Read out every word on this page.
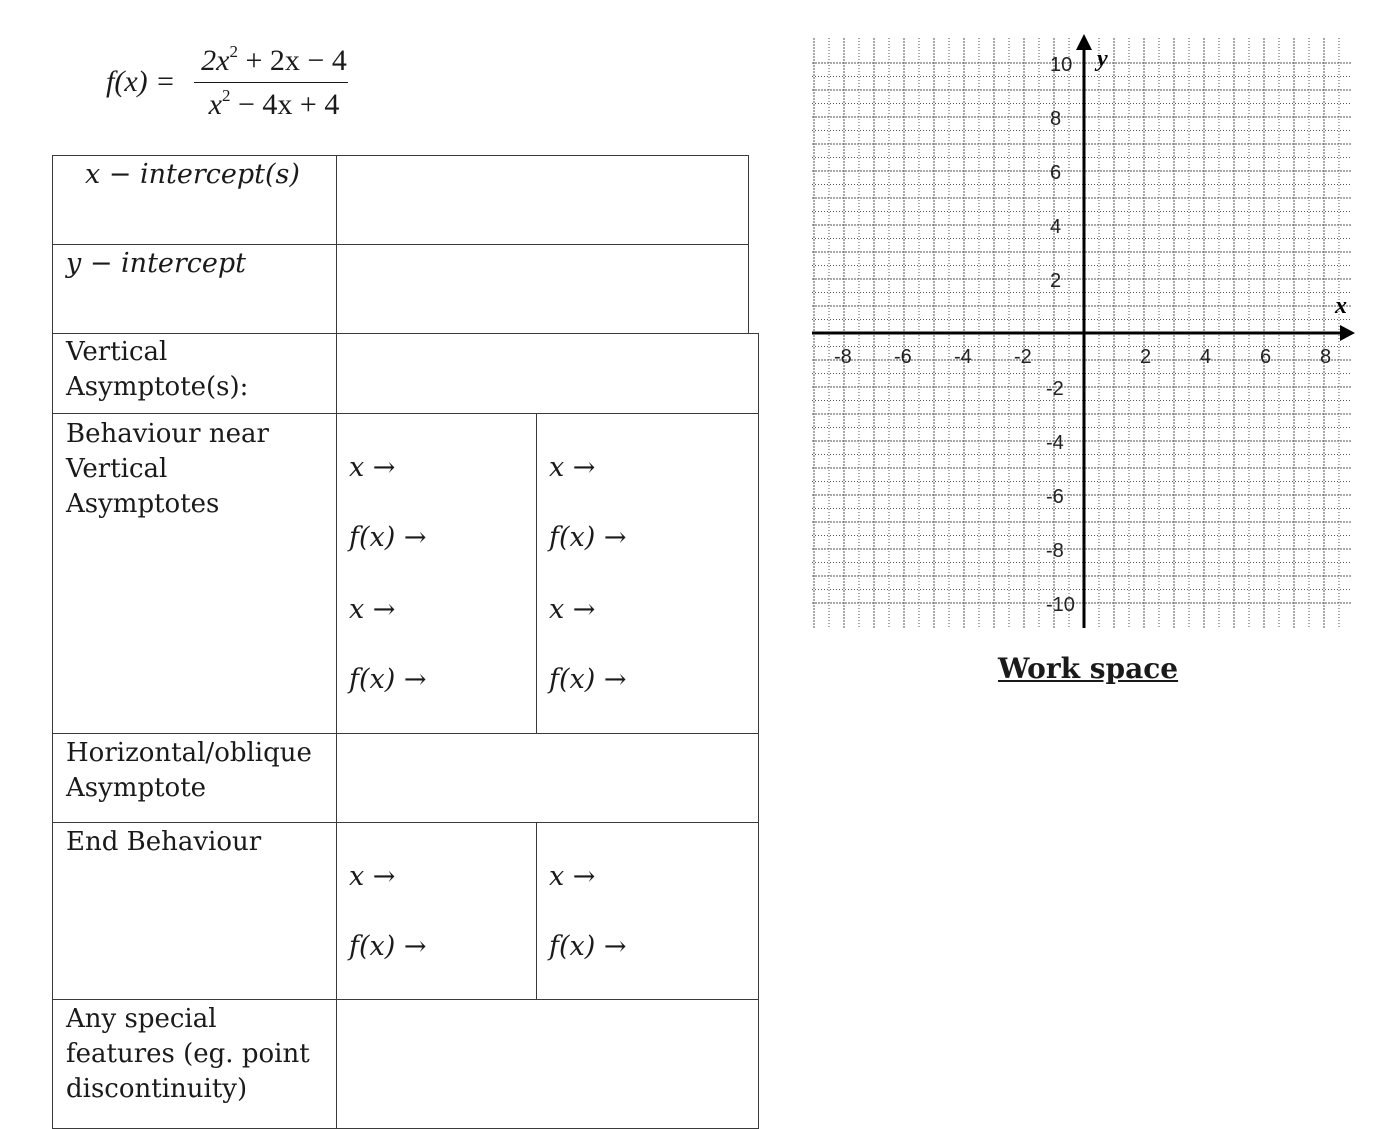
f(x) =
$2x^2 + 2x - 4$
$x^2 - 4x + 4$
x − intercept(s)
y − intercept
Vertical
Asymptote(s):
Behaviour near
Vertical
Asymptotes
x →
f(x) →
x →
f(x) →
x →
f(x) →
x →
f(x) →
Horizontal/oblique
Asymptote
End Behaviour
x →
f(x) →
x →
f(x) →
Any special
features (eg. point
discontinuity)
x
y
-8 -6 -4 -2	2 4 6 8
10
8
6
4
2
-2
-4
-6
-8
-10
Work space
